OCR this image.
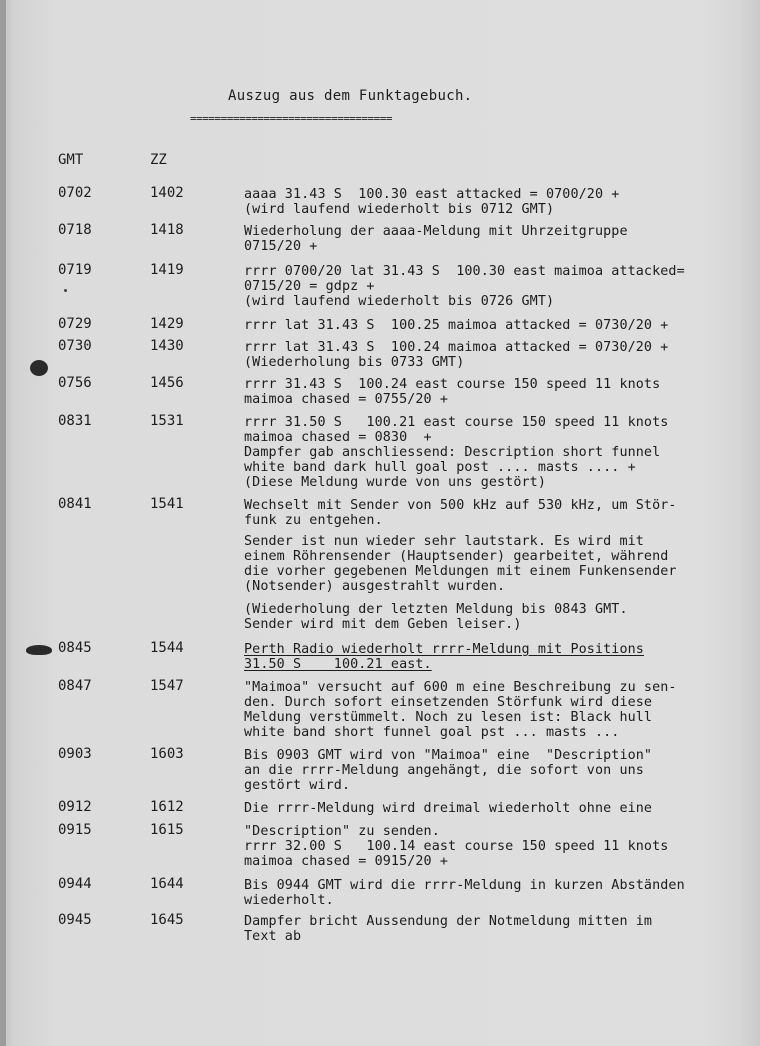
Auszug aus dem Funktagebuch.
=================================
GMT	ZZ
0702	1402	aaaa 31.43 S  100.30 east attacked = 0700/20 +
(wird laufend wiederholt bis 0712 GMT)
0718	1418	Wiederholung der aaaa-Meldung mit Uhrzeitgruppe
0715/20 +
0719	1419	rrrr 0700/20 lat 31.43 S  100.30 east maimoa attacked=
0715/20 = gdpz +
(wird laufend wiederholt bis 0726 GMT)
0729	1429	rrrr lat 31.43 S  100.25 maimoa attacked = 0730/20 +
0730	1430	rrrr lat 31.43 S  100.24 maimoa attacked = 0730/20 +
(Wiederholung bis 0733 GMT)
0756	1456	rrrr 31.43 S  100.24 east course 150 speed 11 knots
maimoa chased = 0755/20 +
0831	1531	rrrr 31.50 S   100.21 east course 150 speed 11 knots
maimoa chased = 0830  +
Dampfer gab anschliessend: Description short funnel
white band dark hull goal post .... masts .... +
(Diese Meldung wurde von uns gestört)
0841	1541	Wechselt mit Sender von 500 kHz auf 530 kHz, um Stör-
funk zu entgehen.
Sender ist nun wieder sehr lautstark. Es wird mit
einem Röhrensender (Hauptsender) gearbeitet, während
die vorher gegebenen Meldungen mit einem Funkensender
(Notsender) ausgestrahlt wurden.
(Wiederholung der letzten Meldung bis 0843 GMT.
Sender wird mit dem Geben leiser.)
0845	1544	Perth Radio wiederholt rrrr-Meldung mit Positions
31.50 S    100.21 east.
0847	1547	"Maimoa" versucht auf 600 m eine Beschreibung zu sen-
den. Durch sofort einsetzenden Störfunk wird diese
Meldung verstümmelt. Noch zu lesen ist: Black hull
white band short funnel goal pst ... masts ...
0903	1603	Bis 0903 GMT wird von "Maimoa" eine  "Description"
an die rrrr-Meldung angehängt, die sofort von uns
gestört wird.
0912	1612	Die rrrr-Meldung wird dreimal wiederholt ohne eine
0915	1615	"Description" zu senden.
rrrr 32.00 S   100.14 east course 150 speed 11 knots
maimoa chased = 0915/20 +
0944	1644	Bis 0944 GMT wird die rrrr-Meldung in kurzen Abständen
wiederholt.
0945	1645	Dampfer bricht Aussendung der Notmeldung mitten im
Text ab
